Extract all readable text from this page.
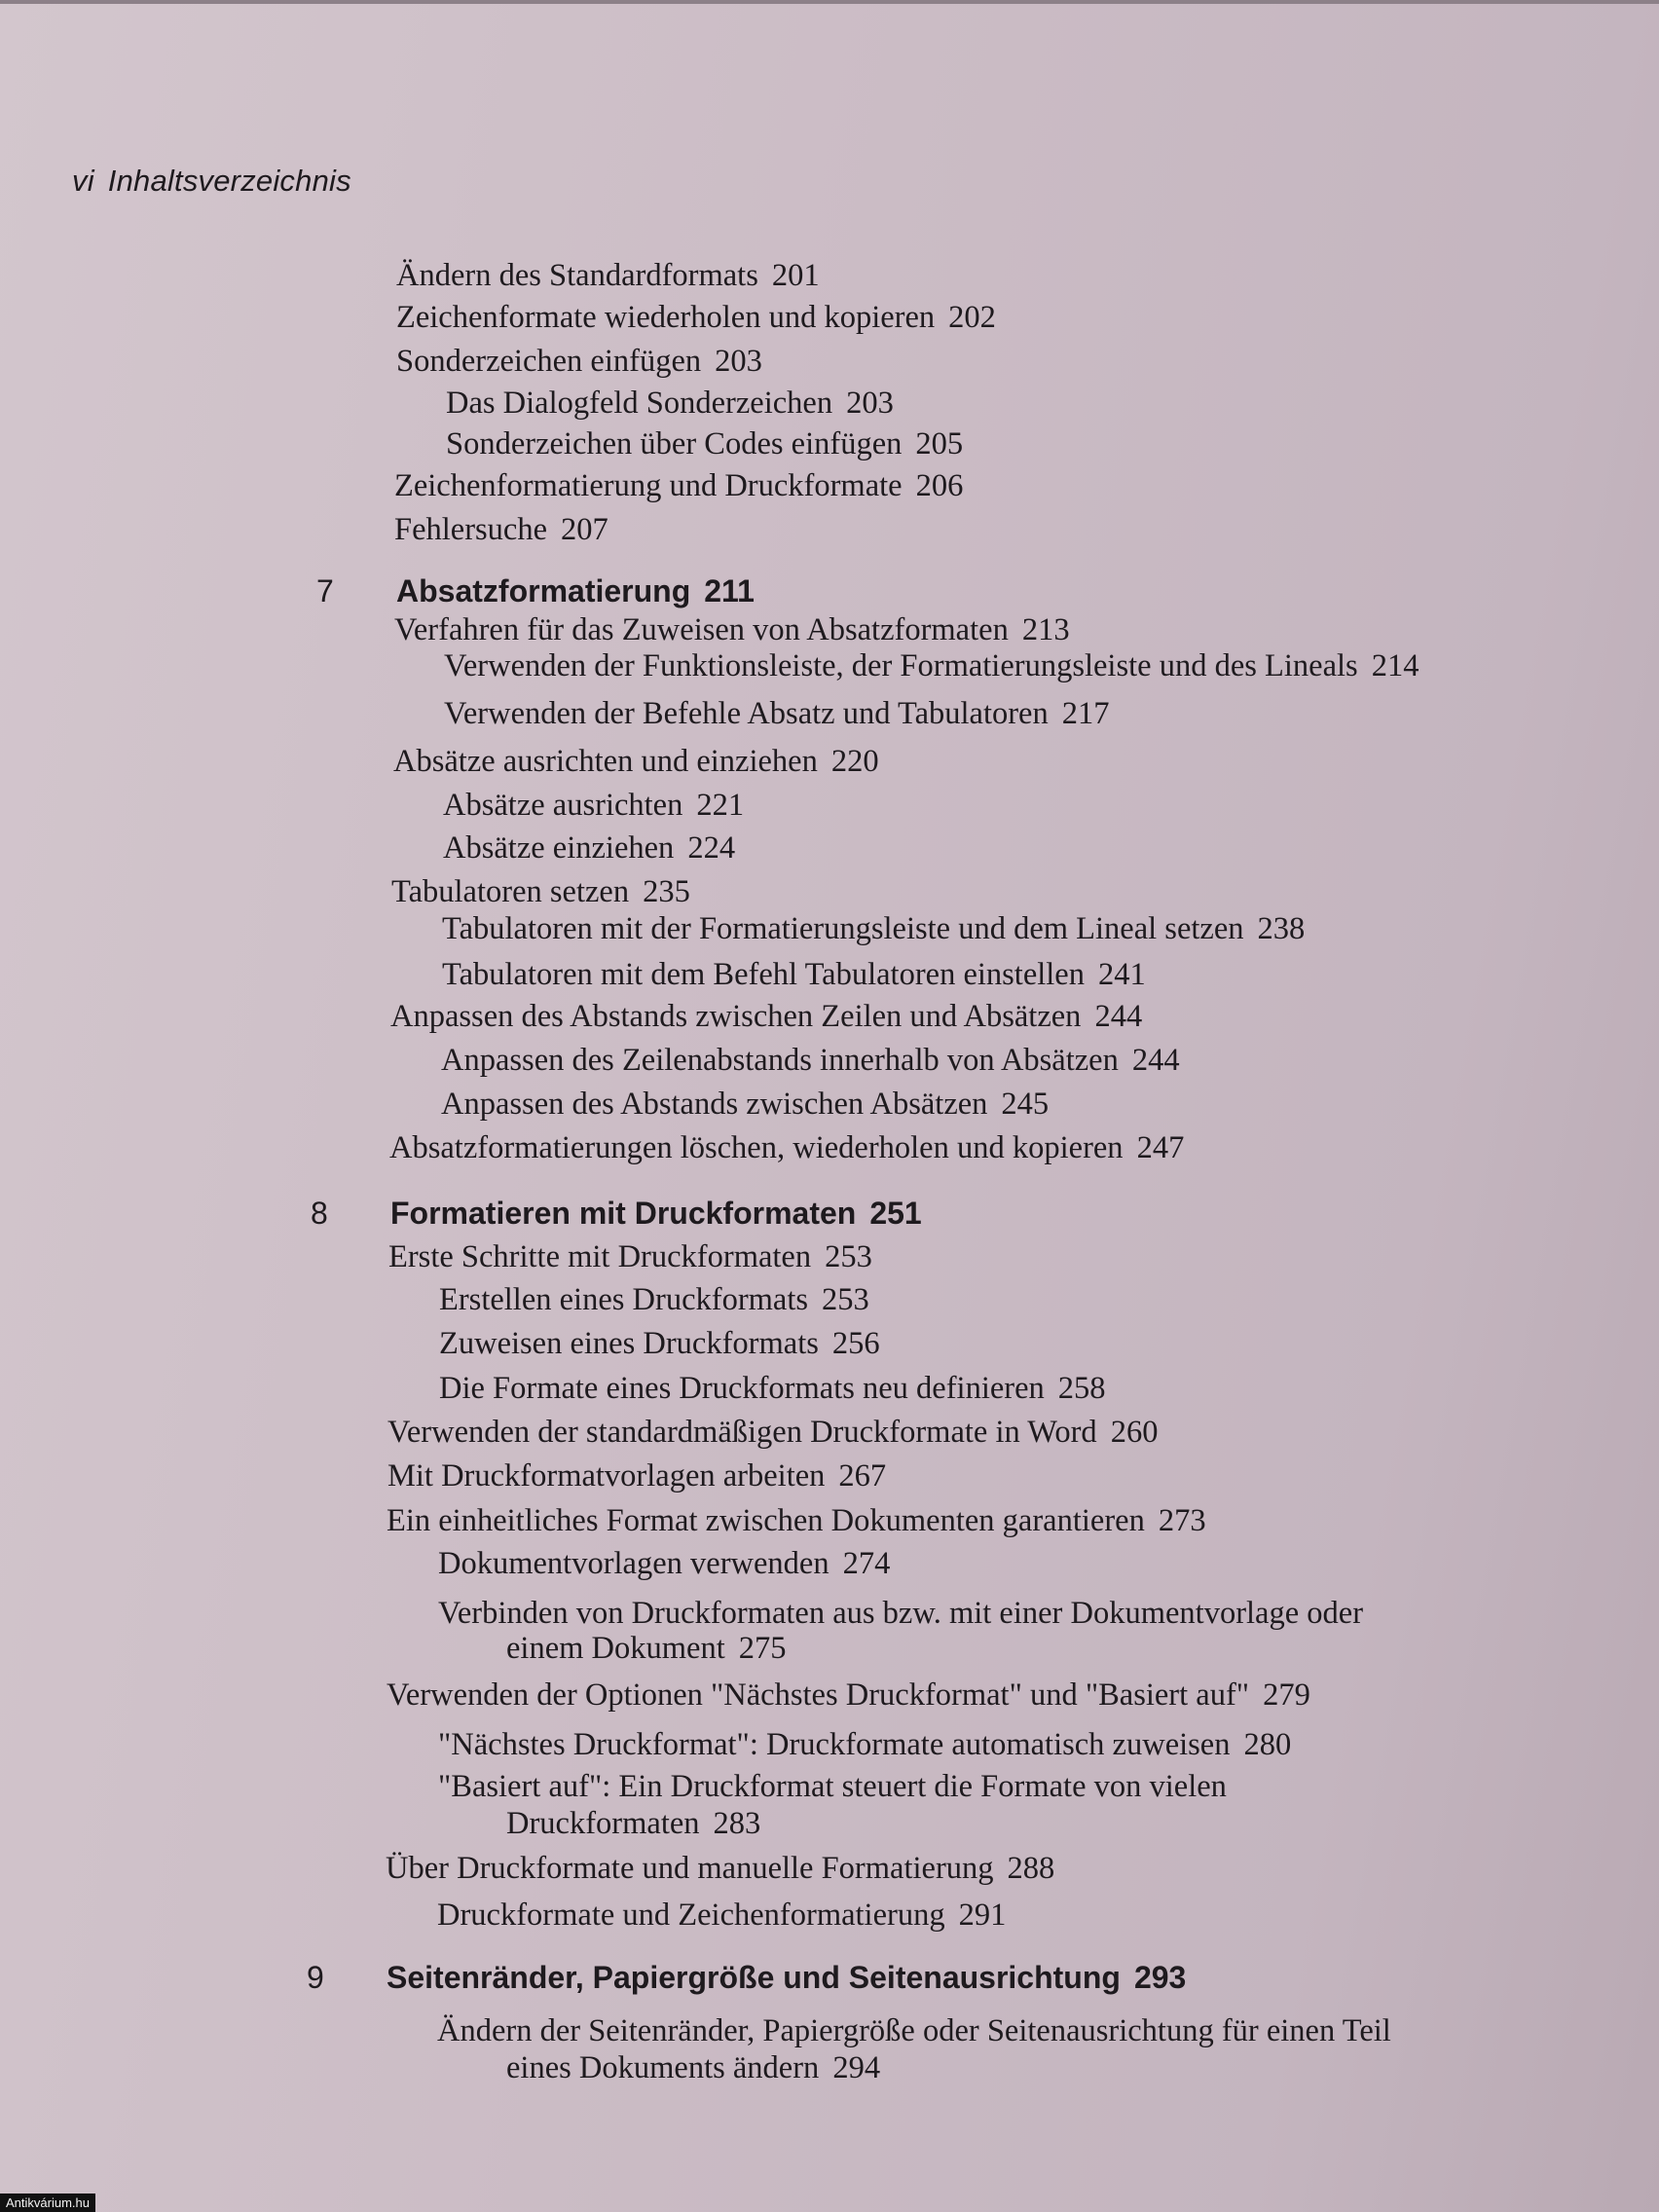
vi Inhaltsverzeichnis
Ändern des Standardformats 201
Zeichenformate wiederholen und kopieren 202
Sonderzeichen einfügen 203
Das Dialogfeld Sonderzeichen 203
Sonderzeichen über Codes einfügen 205
Zeichenformatierung und Druckformate 206
Fehlersuche 207
7 Absatzformatierung 211
Verfahren für das Zuweisen von Absatzformaten 213
Verwenden der Funktionsleiste, der Formatierungsleiste und des Lineals 214
Verwenden der Befehle Absatz und Tabulatoren 217
Absätze ausrichten und einziehen 220
Absätze ausrichten 221
Absätze einziehen 224
Tabulatoren setzen 235
Tabulatoren mit der Formatierungsleiste und dem Lineal setzen 238
Tabulatoren mit dem Befehl Tabulatoren einstellen 241
Anpassen des Abstands zwischen Zeilen und Absätzen 244
Anpassen des Zeilenabstands innerhalb von Absätzen 244
Anpassen des Abstands zwischen Absätzen 245
Absatzformatierungen löschen, wiederholen und kopieren 247
8 Formatieren mit Druckformaten 251
Erste Schritte mit Druckformaten 253
Erstellen eines Druckformats 253
Zuweisen eines Druckformats 256
Die Formate eines Druckformats neu definieren 258
Verwenden der standardmäßigen Druckformate in Word 260
Mit Druckformatvorlagen arbeiten 267
Ein einheitliches Format zwischen Dokumenten garantieren 273
Dokumentvorlagen verwenden 274
Verbinden von Druckformaten aus bzw. mit einer Dokumentvorlage oder
einem Dokument 275
Verwenden der Optionen "Nächstes Druckformat" und "Basiert auf" 279
"Nächstes Druckformat": Druckformate automatisch zuweisen 280
"Basiert auf": Ein Druckformat steuert die Formate von vielen
Druckformaten 283
Über Druckformate und manuelle Formatierung 288
Druckformate und Zeichenformatierung 291
9 Seitenränder, Papiergröße und Seitenausrichtung 293
Ändern der Seitenränder, Papiergröße oder Seitenausrichtung für einen Teil
eines Dokuments ändern 294
Antikvárium.hu
